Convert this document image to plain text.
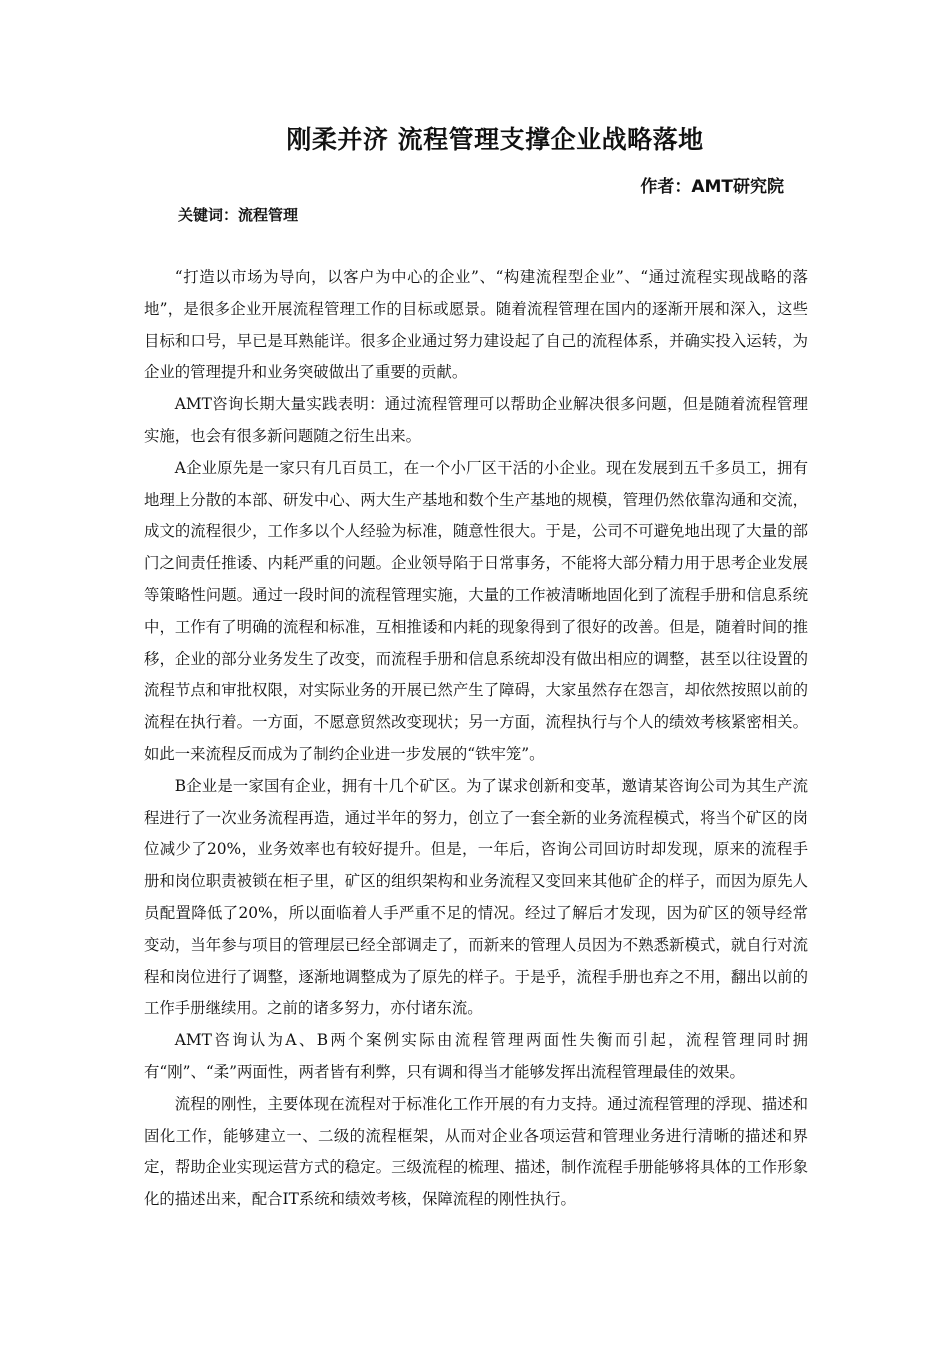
刚柔并济 流程管理支撑企业战略落地
作者：AMT研究院
关键词：流程管理

“打造以市场为导向，以客户为中心的企业”、“构建流程型企业”、“通过流程实现战略的落地”，是很多企业开展流程管理工作的目标或愿景。随着流程管理在国内的逐渐开展和深入，这些目标和口号，早已是耳熟能详。很多企业通过努力建设起了自己的流程体系，并确实投入运转，为企业的管理提升和业务突破做出了重要的贡献。

AMT咨询长期大量实践表明：通过流程管理可以帮助企业解决很多问题，但是随着流程管理实施，也会有很多新问题随之衍生出来。

A企业原先是一家只有几百员工，在一个小厂区干活的小企业。现在发展到五千多员工，拥有地理上分散的本部、研发中心、两大生产基地和数个生产基地的规模，管理仍然依靠沟通和交流，成文的流程很少，工作多以个人经验为标准，随意性很大。于是，公司不可避免地出现了大量的部门之间责任推诿、内耗严重的问题。企业领导陷于日常事务，不能将大部分精力用于思考企业发展等策略性问题。通过一段时间的流程管理实施，大量的工作被清晰地固化到了流程手册和信息系统中，工作有了明确的流程和标准，互相推诿和内耗的现象得到了很好的改善。但是，随着时间的推移，企业的部分业务发生了改变，而流程手册和信息系统却没有做出相应的调整，甚至以往设置的流程节点和审批权限，对实际业务的开展已然产生了障碍，大家虽然存在怨言，却依然按照以前的流程在执行着。一方面，不愿意贸然改变现状；另一方面，流程执行与个人的绩效考核紧密相关。如此一来流程反而成为了制约企业进一步发展的“铁牢笼”。

B企业是一家国有企业，拥有十几个矿区。为了谋求创新和变革，邀请某咨询公司为其生产流程进行了一次业务流程再造，通过半年的努力，创立了一套全新的业务流程模式，将当个矿区的岗位减少了20%，业务效率也有较好提升。但是，一年后，咨询公司回访时却发现，原来的流程手册和岗位职责被锁在柜子里，矿区的组织架构和业务流程又变回来其他矿企的样子，而因为原先人员配置降低了20%，所以面临着人手严重不足的情况。经过了解后才发现，因为矿区的领导经常变动，当年参与项目的管理层已经全部调走了，而新来的管理人员因为不熟悉新模式，就自行对流程和岗位进行了调整，逐渐地调整成为了原先的样子。于是乎，流程手册也弃之不用，翻出以前的工作手册继续用。之前的诸多努力，亦付诸东流。

AMT咨询认为A、B两个案例实际由流程管理两面性失衡而引起，流程管理同时拥有“刚”、“柔”两面性，两者皆有利弊，只有调和得当才能够发挥出流程管理最佳的效果。

流程的刚性，主要体现在流程对于标准化工作开展的有力支持。通过流程管理的浮现、描述和固化工作，能够建立一、二级的流程框架，从而对企业各项运营和管理业务进行清晰的描述和界定，帮助企业实现运营方式的稳定。三级流程的梳理、描述，制作流程手册能够将具体的工作形象化的描述出来，配合IT系统和绩效考核，保障流程的刚性执行。
